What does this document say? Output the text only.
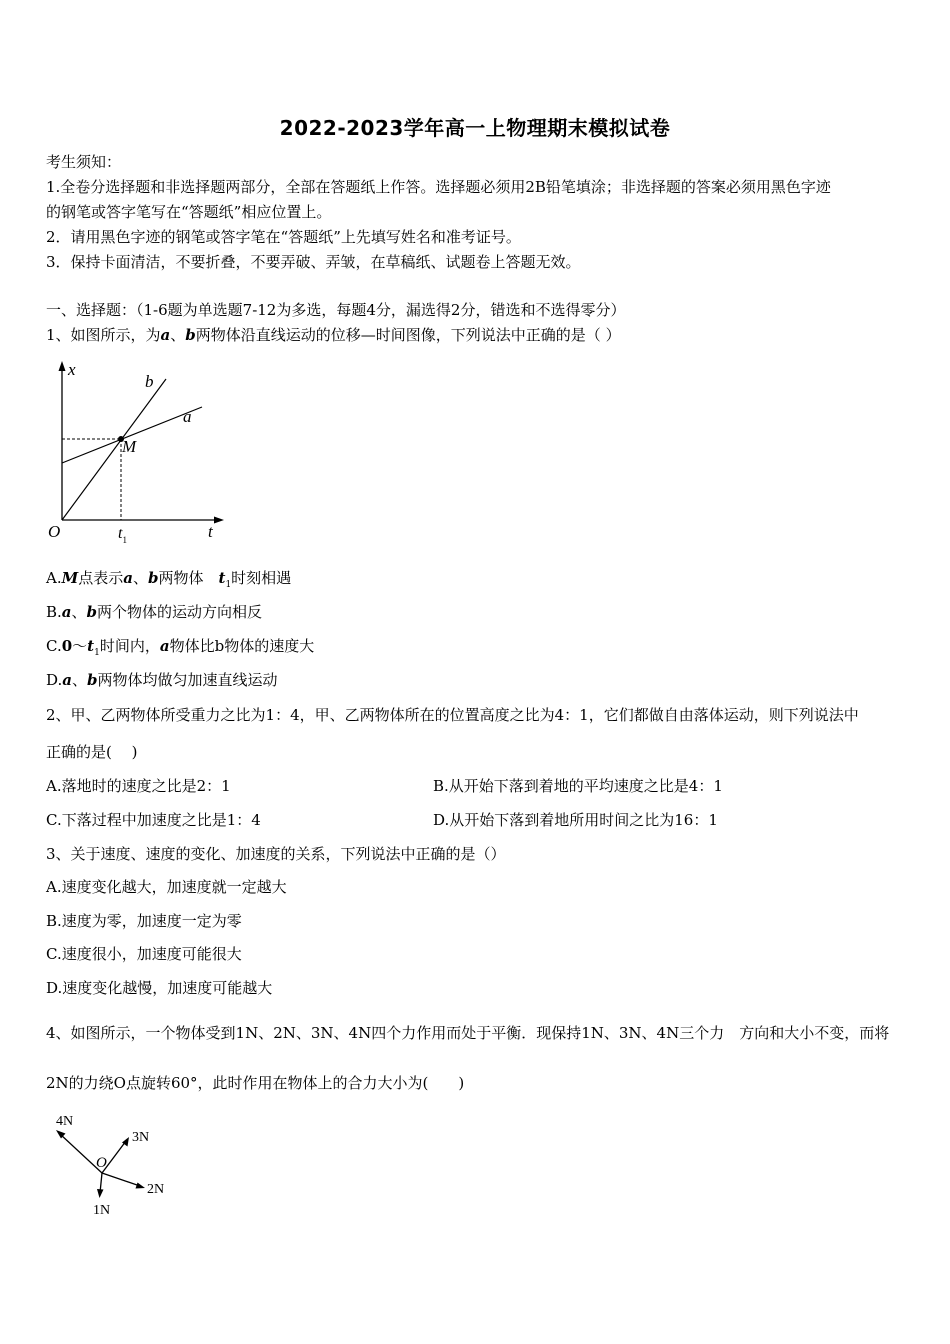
2022-2023学年高一上物理期末模拟试卷
考生须知：
1.全卷分选择题和非选择题两部分，全部在答题纸上作答。选择题必须用2B铅笔填涂；非选择题的答案必须用黑色字迹
的钢笔或答字笔写在“答题纸”相应位置上。
2．请用黑色字迹的钢笔或答字笔在“答题纸”上先填写姓名和准考证号。
3．保持卡面清洁，不要折叠，不要弄破、弄皱，在草稿纸、试题卷上答题无效。
一、选择题：（1-6题为单选题7-12为多选，每题4分，漏选得2分，错选和不选得零分）
1、如图所示，为a、b两物体沿直线运动的位移—时间图像，下列说法中正确的是（ ）
x
t
O
b
a
M
$t_1$
A.M点表示a、b两物体　$t_1$时刻相遇
B.a、b两个物体的运动方向相反
$C.0\sim t_1$时间内，a物体比b物体的速度大
D.a、b两物体均做匀加速直线运动
2、甲、乙两物体所受重力之比为1：4，甲、乙两物体所在的位置高度之比为4：1，它们都做自由落体运动，则下列说法中
正确的是(　 )
A.落地时的速度之比是2：1	B.从开始下落到着地的平均速度之比是4：1
C.下落过程中加速度之比是1：4	D.从开始下落到着地所用时间之比为16：1
3、关于速度、速度的变化、加速度的关系，下列说法中正确的是（）
A.速度变化越大，加速度就一定越大
B.速度为零，加速度一定为零
C.速度很小，加速度可能很大
D.速度变化越慢，加速度可能越大
4、如图所示，一个物体受到1N、2N、3N、4N四个力作用而处于平衡．现保持1N、3N、4N三个力　方向和大小不变，而将
2N的力绕O点旋转60°，此时作用在物体上的合力大小为(　　)
4N
3N
2N
1N
O
